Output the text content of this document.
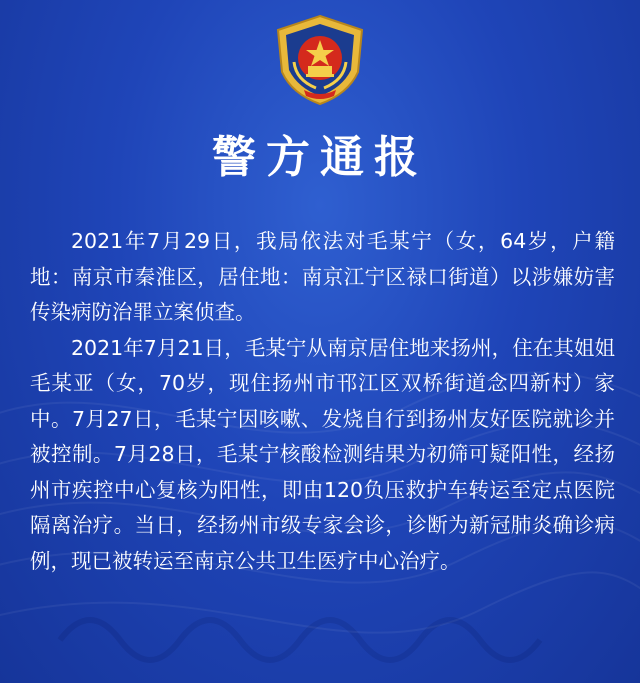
警方通报

2021年7月29日，我局依法对毛某宁（女，64岁，户籍地：南京市秦淮区，居住地：南京江宁区禄口街道）以涉嫌妨害传染病防治罪立案侦查。

2021年7月21日，毛某宁从南京居住地来扬州，住在其姐姐毛某亚（女，70岁，现住扬州市邗江区双桥街道念四新村）家中。7月27日，毛某宁因咳嗽、发烧自行到扬州友好医院就诊并被控制。7月28日，毛某宁核酸检测结果为初筛可疑阳性，经扬州市疾控中心复核为阳性，即由120负压救护车转运至定点医院隔离治疗。当日，经扬州市级专家会诊，诊断为新冠肺炎确诊病例，现已被转运至南京公共卫生医疗中心治疗。
